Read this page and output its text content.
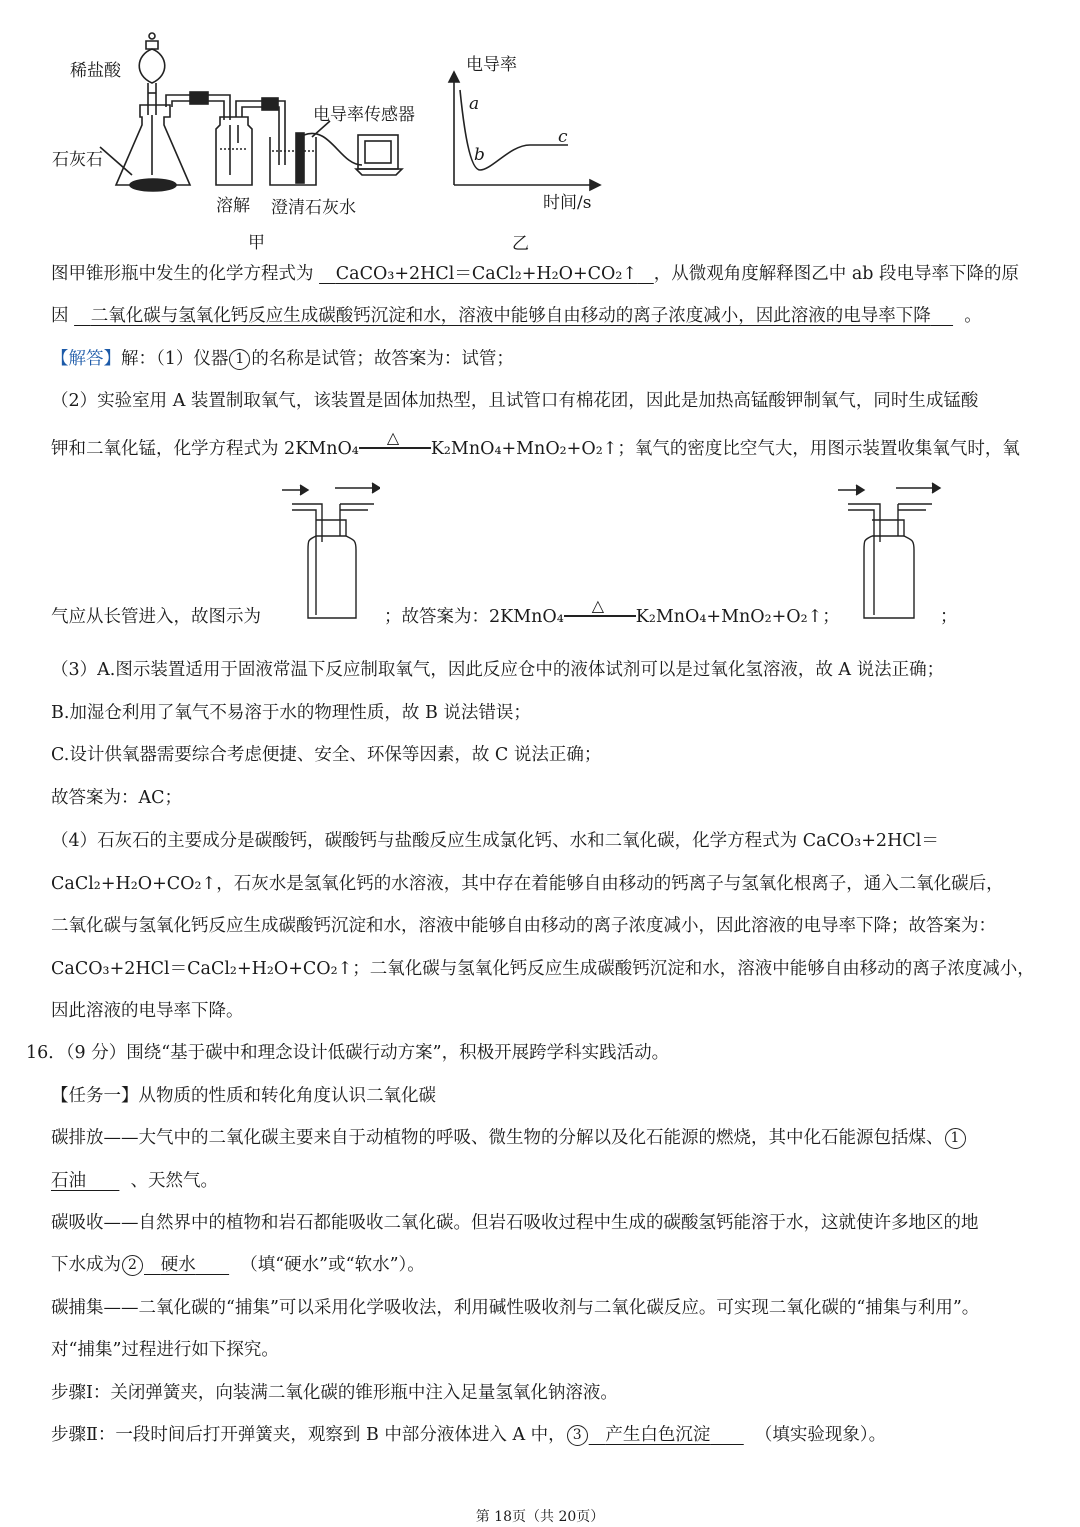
稀盐酸
石灰石
溶解 澄清石灰水
电导率传感器
甲
电导率
a
b
c
时间/s
乙
图甲锥形瓶中发生的化学方程式为    CaCO₃+2HCl＝CaCl₂+H₂O+CO₂↑ ，从微观角度解释图乙中 ab 段电导率下降的原
因 二氧化碳与氢氧化钙反应生成碳酸钙沉淀和水，溶液中能够自由移动的离子浓度减小，因此溶液的电导率下降 。
【解答】解：（1）仪器 1 的名称是试管；故答案为：试管；
（2）实验室用 A 装置制取氧气，该装置是固体加热型，且试管口有棉花团，因此是加热高锰酸钾制氧气，同时生成锰酸
钾和二氧化锰，化学方程式为 2KMnO₄
△
K₂MnO₄+MnO₂+O₂↑；氧气的密度比空气大，用图示装置收集氧气时，氧
气应从长管进入，故图示为	；故答案为：2KMnO₄
△
K₂MnO₄+MnO₂+O₂↑；	；
（3）A.图示装置适用于固液常温下反应制取氧气，因此反应仓中的液体试剂可以是过氧化氢溶液，故 A 说法正确；
B.加湿仓利用了氧气不易溶于水的物理性质，故 B 说法错误；
C.设计供氧器需要综合考虑便捷、安全、环保等因素，故 C 说法正确；
故答案为：AC；
（4）石灰石的主要成分是碳酸钙，碳酸钙与盐酸反应生成氯化钙、水和二氧化碳，化学方程式为 CaCO₃+2HCl＝
CaCl₂+H₂O+CO₂↑，石灰水是氢氧化钙的水溶液，其中存在着能够自由移动的钙离子与氢氧化根离子，通入二氧化碳后，
二氧化碳与氢氧化钙反应生成碳酸钙沉淀和水，溶液中能够自由移动的离子浓度减小，因此溶液的电导率下降；故答案为：
CaCO₃+2HCl＝CaCl₂+H₂O+CO₂↑；二氧化碳与氢氧化钙反应生成碳酸钙沉淀和水，溶液中能够自由移动的离子浓度减小，
因此溶液的电导率下降。
16．（9 分）围绕“基于碳中和理念设计低碳行动方案”，积极开展跨学科实践活动。
【任务一】从物质的性质和转化角度认识二氧化碳
碳排放——大气中的二氧化碳主要来自于动植物的呼吸、微生物的分解以及化石能源的燃烧，其中化石能源包括煤、 1
石油	、天然气。
碳吸收——自然界中的植物和岩石都能吸收二氧化碳。但岩石吸收过程中生成的碳酸氢钙能溶于水，这就使许多地区的地
下水成为 2 硬水	（填“硬水”或“软水”）。
碳捕集——二氧化碳的“捕集”可以采用化学吸收法，利用碱性吸收剂与二氧化碳反应。可实现二氧化碳的“捕集与利用”。
对“捕集”过程进行如下探究。
步骤Ⅰ：关闭弹簧夹，向装满二氧化碳的锥形瓶中注入足量氢氧化钠溶液。
步骤Ⅱ：一段时间后打开弹簧夹，观察到 B 中部分液体进入 A 中， 3 产生白色沉淀	（填实验现象）。
第 18页（共 20页）
